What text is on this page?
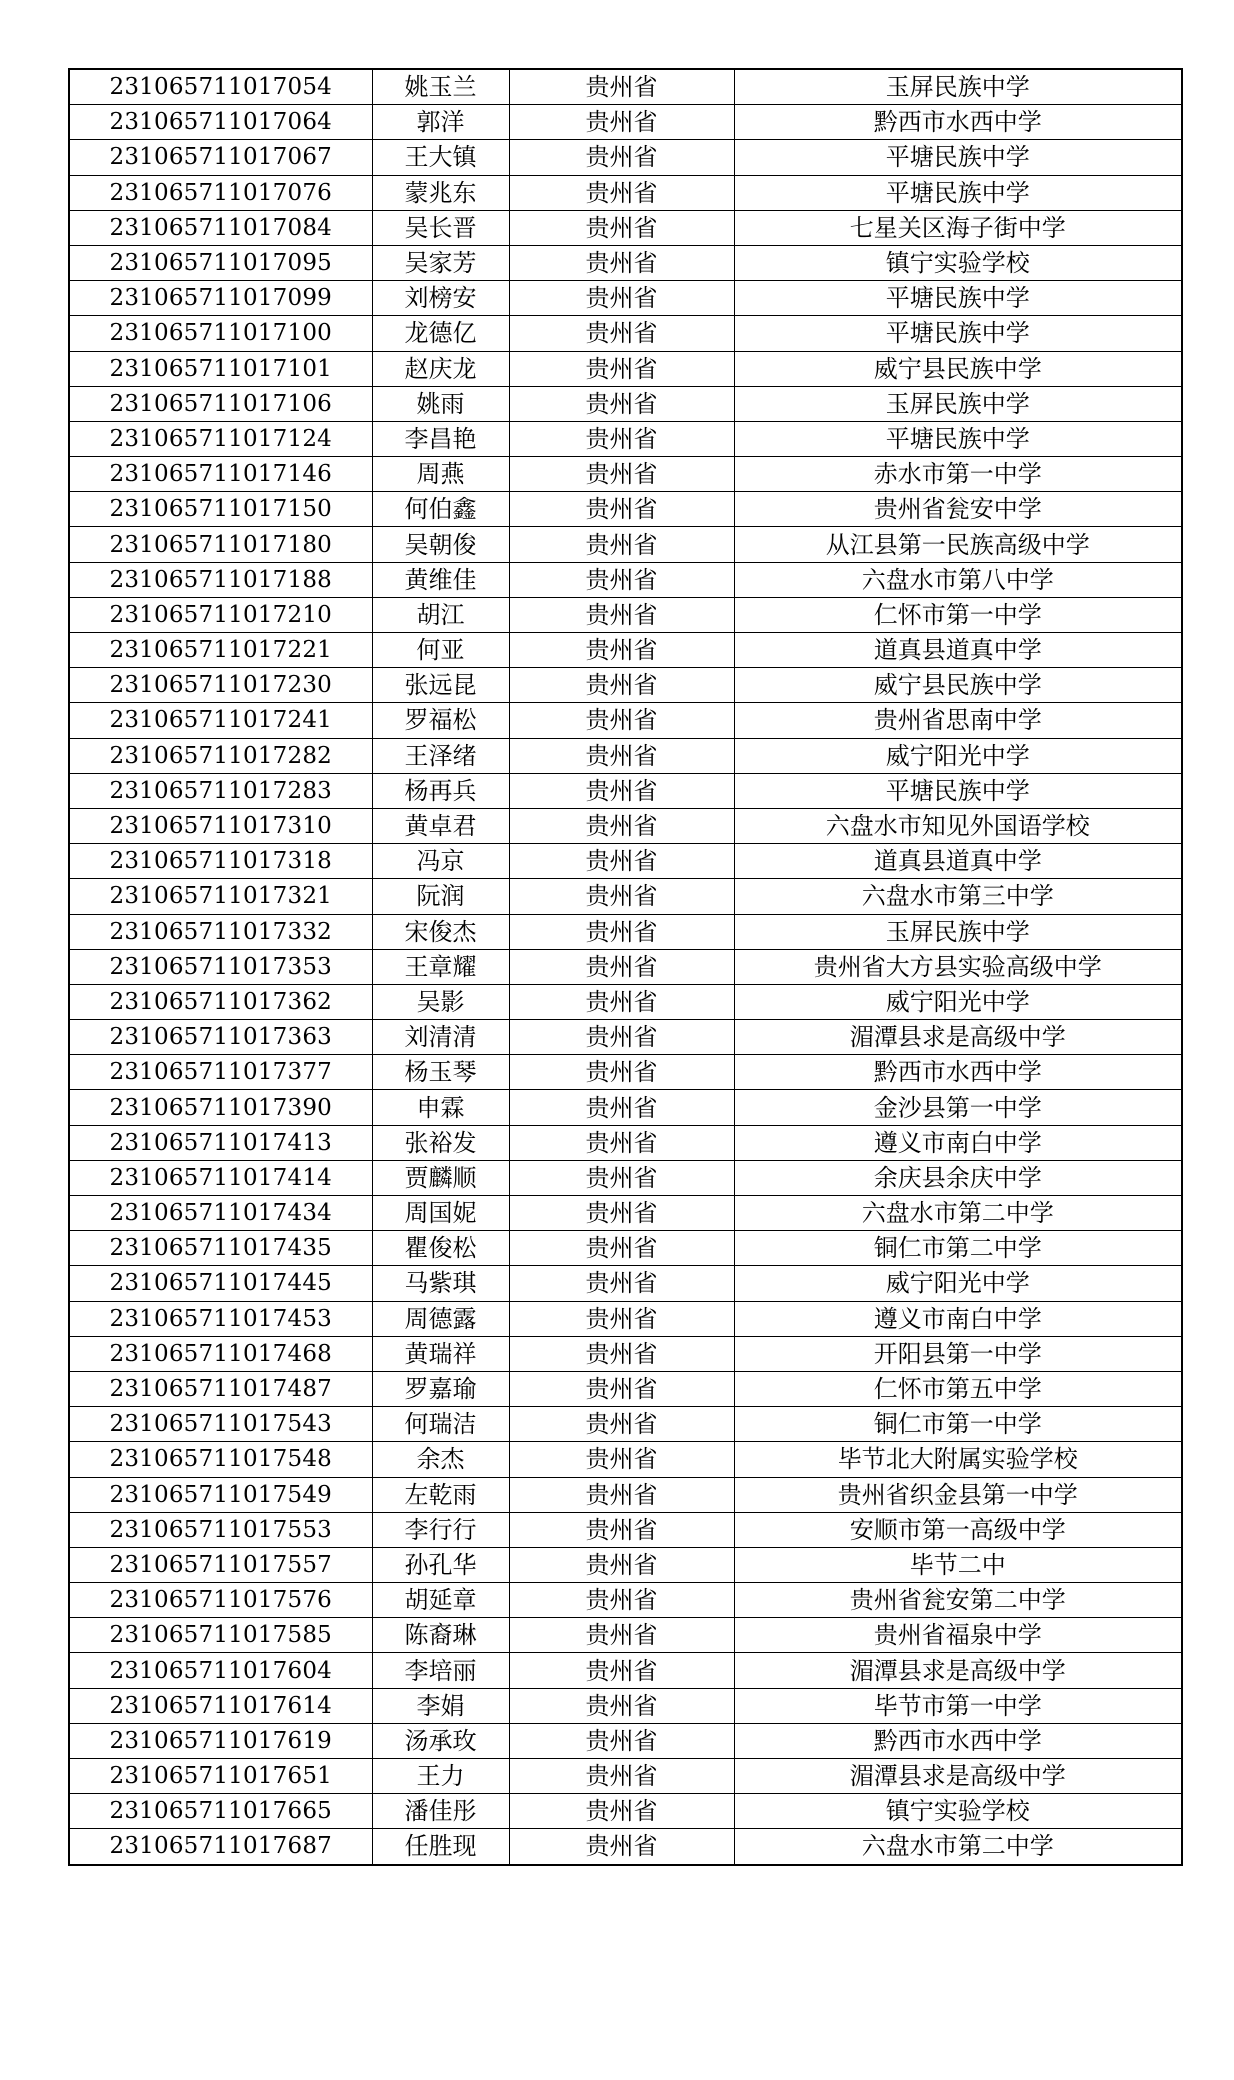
231065711017054	姚玉兰	贵州省	玉屏民族中学
231065711017064	郭洋	贵州省	黔西市水西中学
231065711017067	王大镇	贵州省	平塘民族中学
231065711017076	蒙兆东	贵州省	平塘民族中学
231065711017084	吴长晋	贵州省	七星关区海子街中学
231065711017095	吴家芳	贵州省	镇宁实验学校
231065711017099	刘榜安	贵州省	平塘民族中学
231065711017100	龙德亿	贵州省	平塘民族中学
231065711017101	赵庆龙	贵州省	威宁县民族中学
231065711017106	姚雨	贵州省	玉屏民族中学
231065711017124	李昌艳	贵州省	平塘民族中学
231065711017146	周燕	贵州省	赤水市第一中学
231065711017150	何伯鑫	贵州省	贵州省瓮安中学
231065711017180	吴朝俊	贵州省	从江县第一民族高级中学
231065711017188	黄维佳	贵州省	六盘水市第八中学
231065711017210	胡江	贵州省	仁怀市第一中学
231065711017221	何亚	贵州省	道真县道真中学
231065711017230	张远昆	贵州省	威宁县民族中学
231065711017241	罗福松	贵州省	贵州省思南中学
231065711017282	王泽绪	贵州省	威宁阳光中学
231065711017283	杨再兵	贵州省	平塘民族中学
231065711017310	黄卓君	贵州省	六盘水市知见外国语学校
231065711017318	冯京	贵州省	道真县道真中学
231065711017321	阮润	贵州省	六盘水市第三中学
231065711017332	宋俊杰	贵州省	玉屏民族中学
231065711017353	王章耀	贵州省	贵州省大方县实验高级中学
231065711017362	吴影	贵州省	威宁阳光中学
231065711017363	刘清清	贵州省	湄潭县求是高级中学
231065711017377	杨玉琴	贵州省	黔西市水西中学
231065711017390	申霖	贵州省	金沙县第一中学
231065711017413	张裕发	贵州省	遵义市南白中学
231065711017414	贾麟顺	贵州省	余庆县余庆中学
231065711017434	周国妮	贵州省	六盘水市第二中学
231065711017435	瞿俊松	贵州省	铜仁市第二中学
231065711017445	马紫琪	贵州省	威宁阳光中学
231065711017453	周德露	贵州省	遵义市南白中学
231065711017468	黄瑞祥	贵州省	开阳县第一中学
231065711017487	罗嘉瑜	贵州省	仁怀市第五中学
231065711017543	何瑞洁	贵州省	铜仁市第一中学
231065711017548	余杰	贵州省	毕节北大附属实验学校
231065711017549	左乾雨	贵州省	贵州省织金县第一中学
231065711017553	李行行	贵州省	安顺市第一高级中学
231065711017557	孙孔华	贵州省	毕节二中
231065711017576	胡延章	贵州省	贵州省瓮安第二中学
231065711017585	陈裔琳	贵州省	贵州省福泉中学
231065711017604	李培丽	贵州省	湄潭县求是高级中学
231065711017614	李娟	贵州省	毕节市第一中学
231065711017619	汤承玫	贵州省	黔西市水西中学
231065711017651	王力	贵州省	湄潭县求是高级中学
231065711017665	潘佳彤	贵州省	镇宁实验学校
231065711017687	任胜现	贵州省	六盘水市第二中学
